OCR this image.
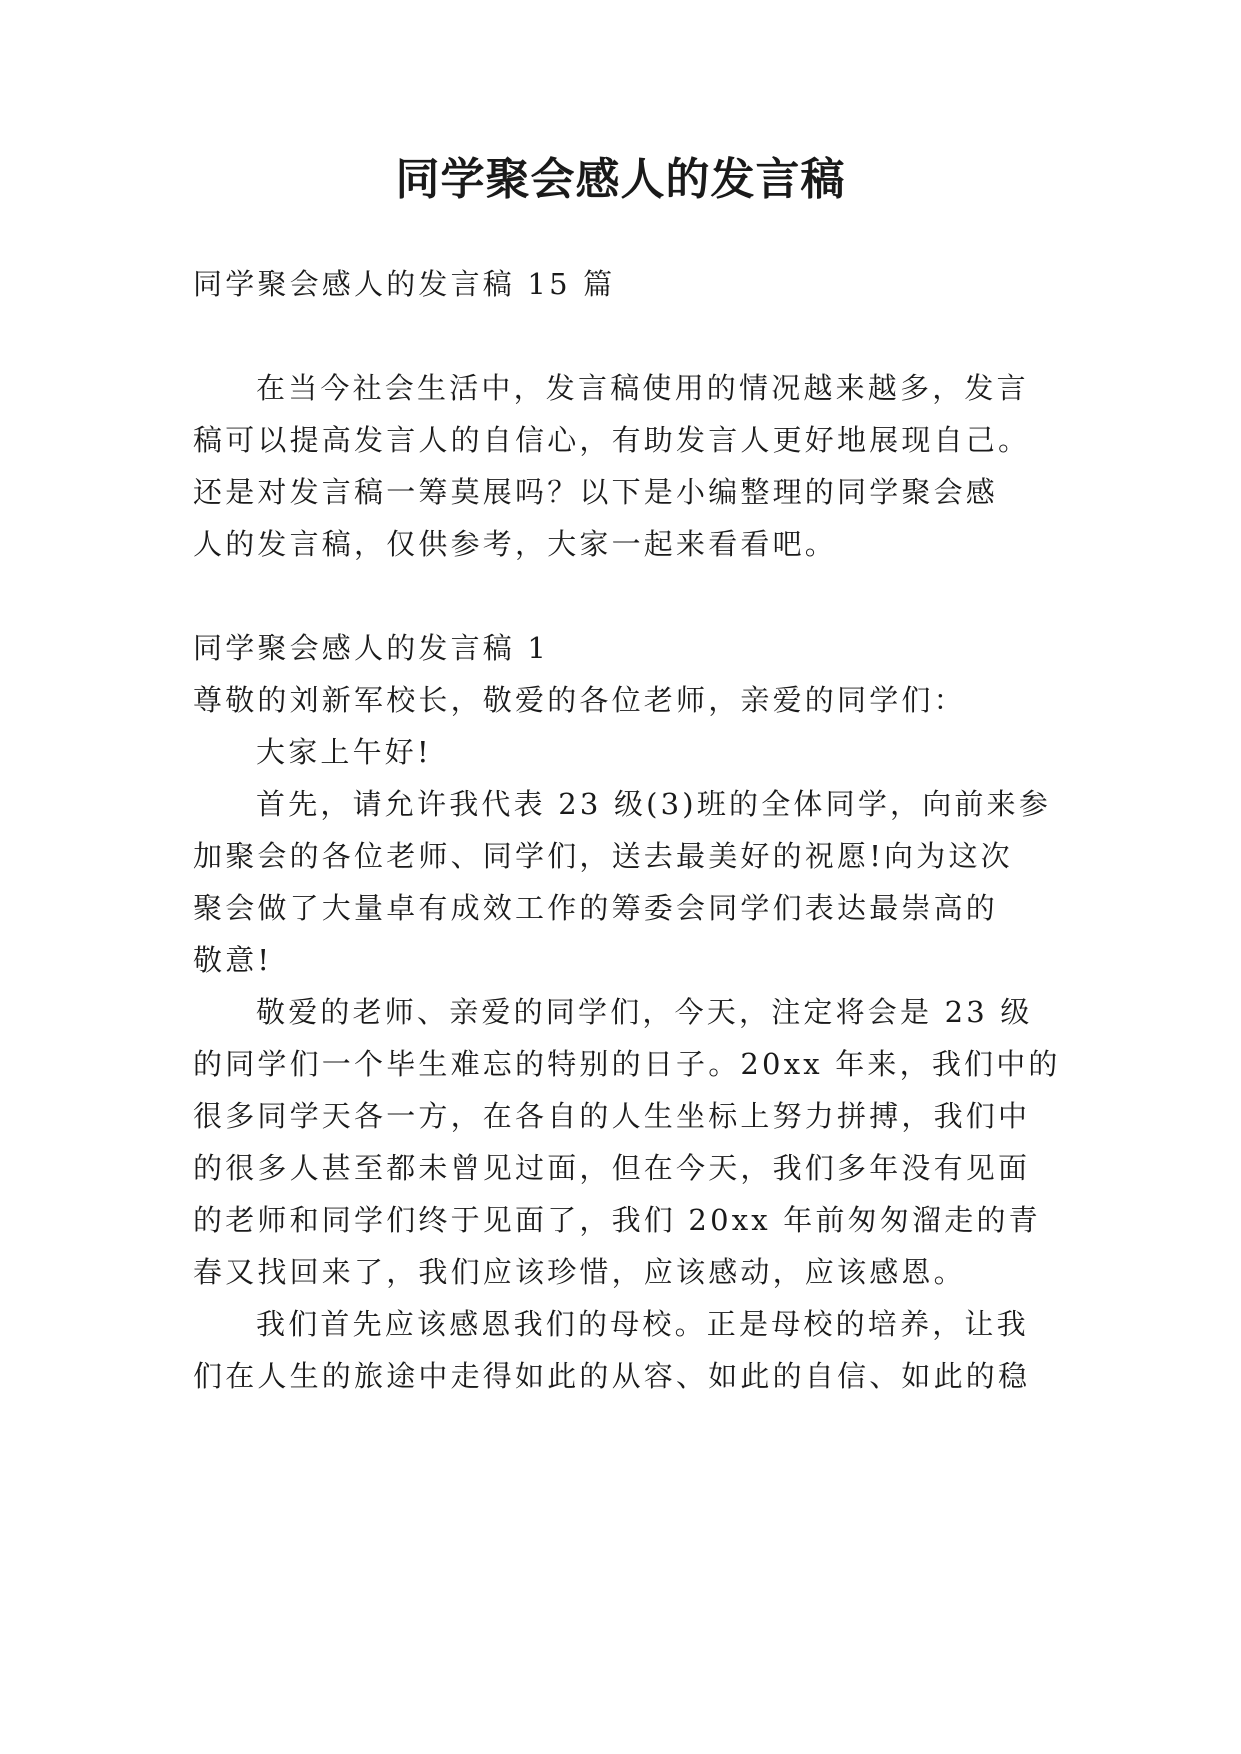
同学聚会感人的发言稿
同学聚会感人的发言稿 15 篇
在当今社会生活中，发言稿使用的情况越来越多，发言
稿可以提高发言人的自信心，有助发言人更好地展现自己。
还是对发言稿一筹莫展吗？以下是小编整理的同学聚会感
人的发言稿，仅供参考，大家一起来看看吧。
同学聚会感人的发言稿 1
尊敬的刘新军校长，敬爱的各位老师，亲爱的同学们：
大家上午好!
首先，请允许我代表 23 级(3)班的全体同学，向前来参
加聚会的各位老师、同学们，送去最美好的祝愿!向为这次
聚会做了大量卓有成效工作的筹委会同学们表达最崇高的
敬意!
敬爱的老师、亲爱的同学们，今天，注定将会是 23 级
的同学们一个毕生难忘的特别的日子。20xx 年来，我们中的
很多同学天各一方，在各自的人生坐标上努力拼搏，我们中
的很多人甚至都未曾见过面，但在今天，我们多年没有见面
的老师和同学们终于见面了，我们 20xx 年前匆匆溜走的青
春又找回来了，我们应该珍惜，应该感动，应该感恩。
我们首先应该感恩我们的母校。正是母校的培养，让我
们在人生的旅途中走得如此的从容、如此的自信、如此的稳
